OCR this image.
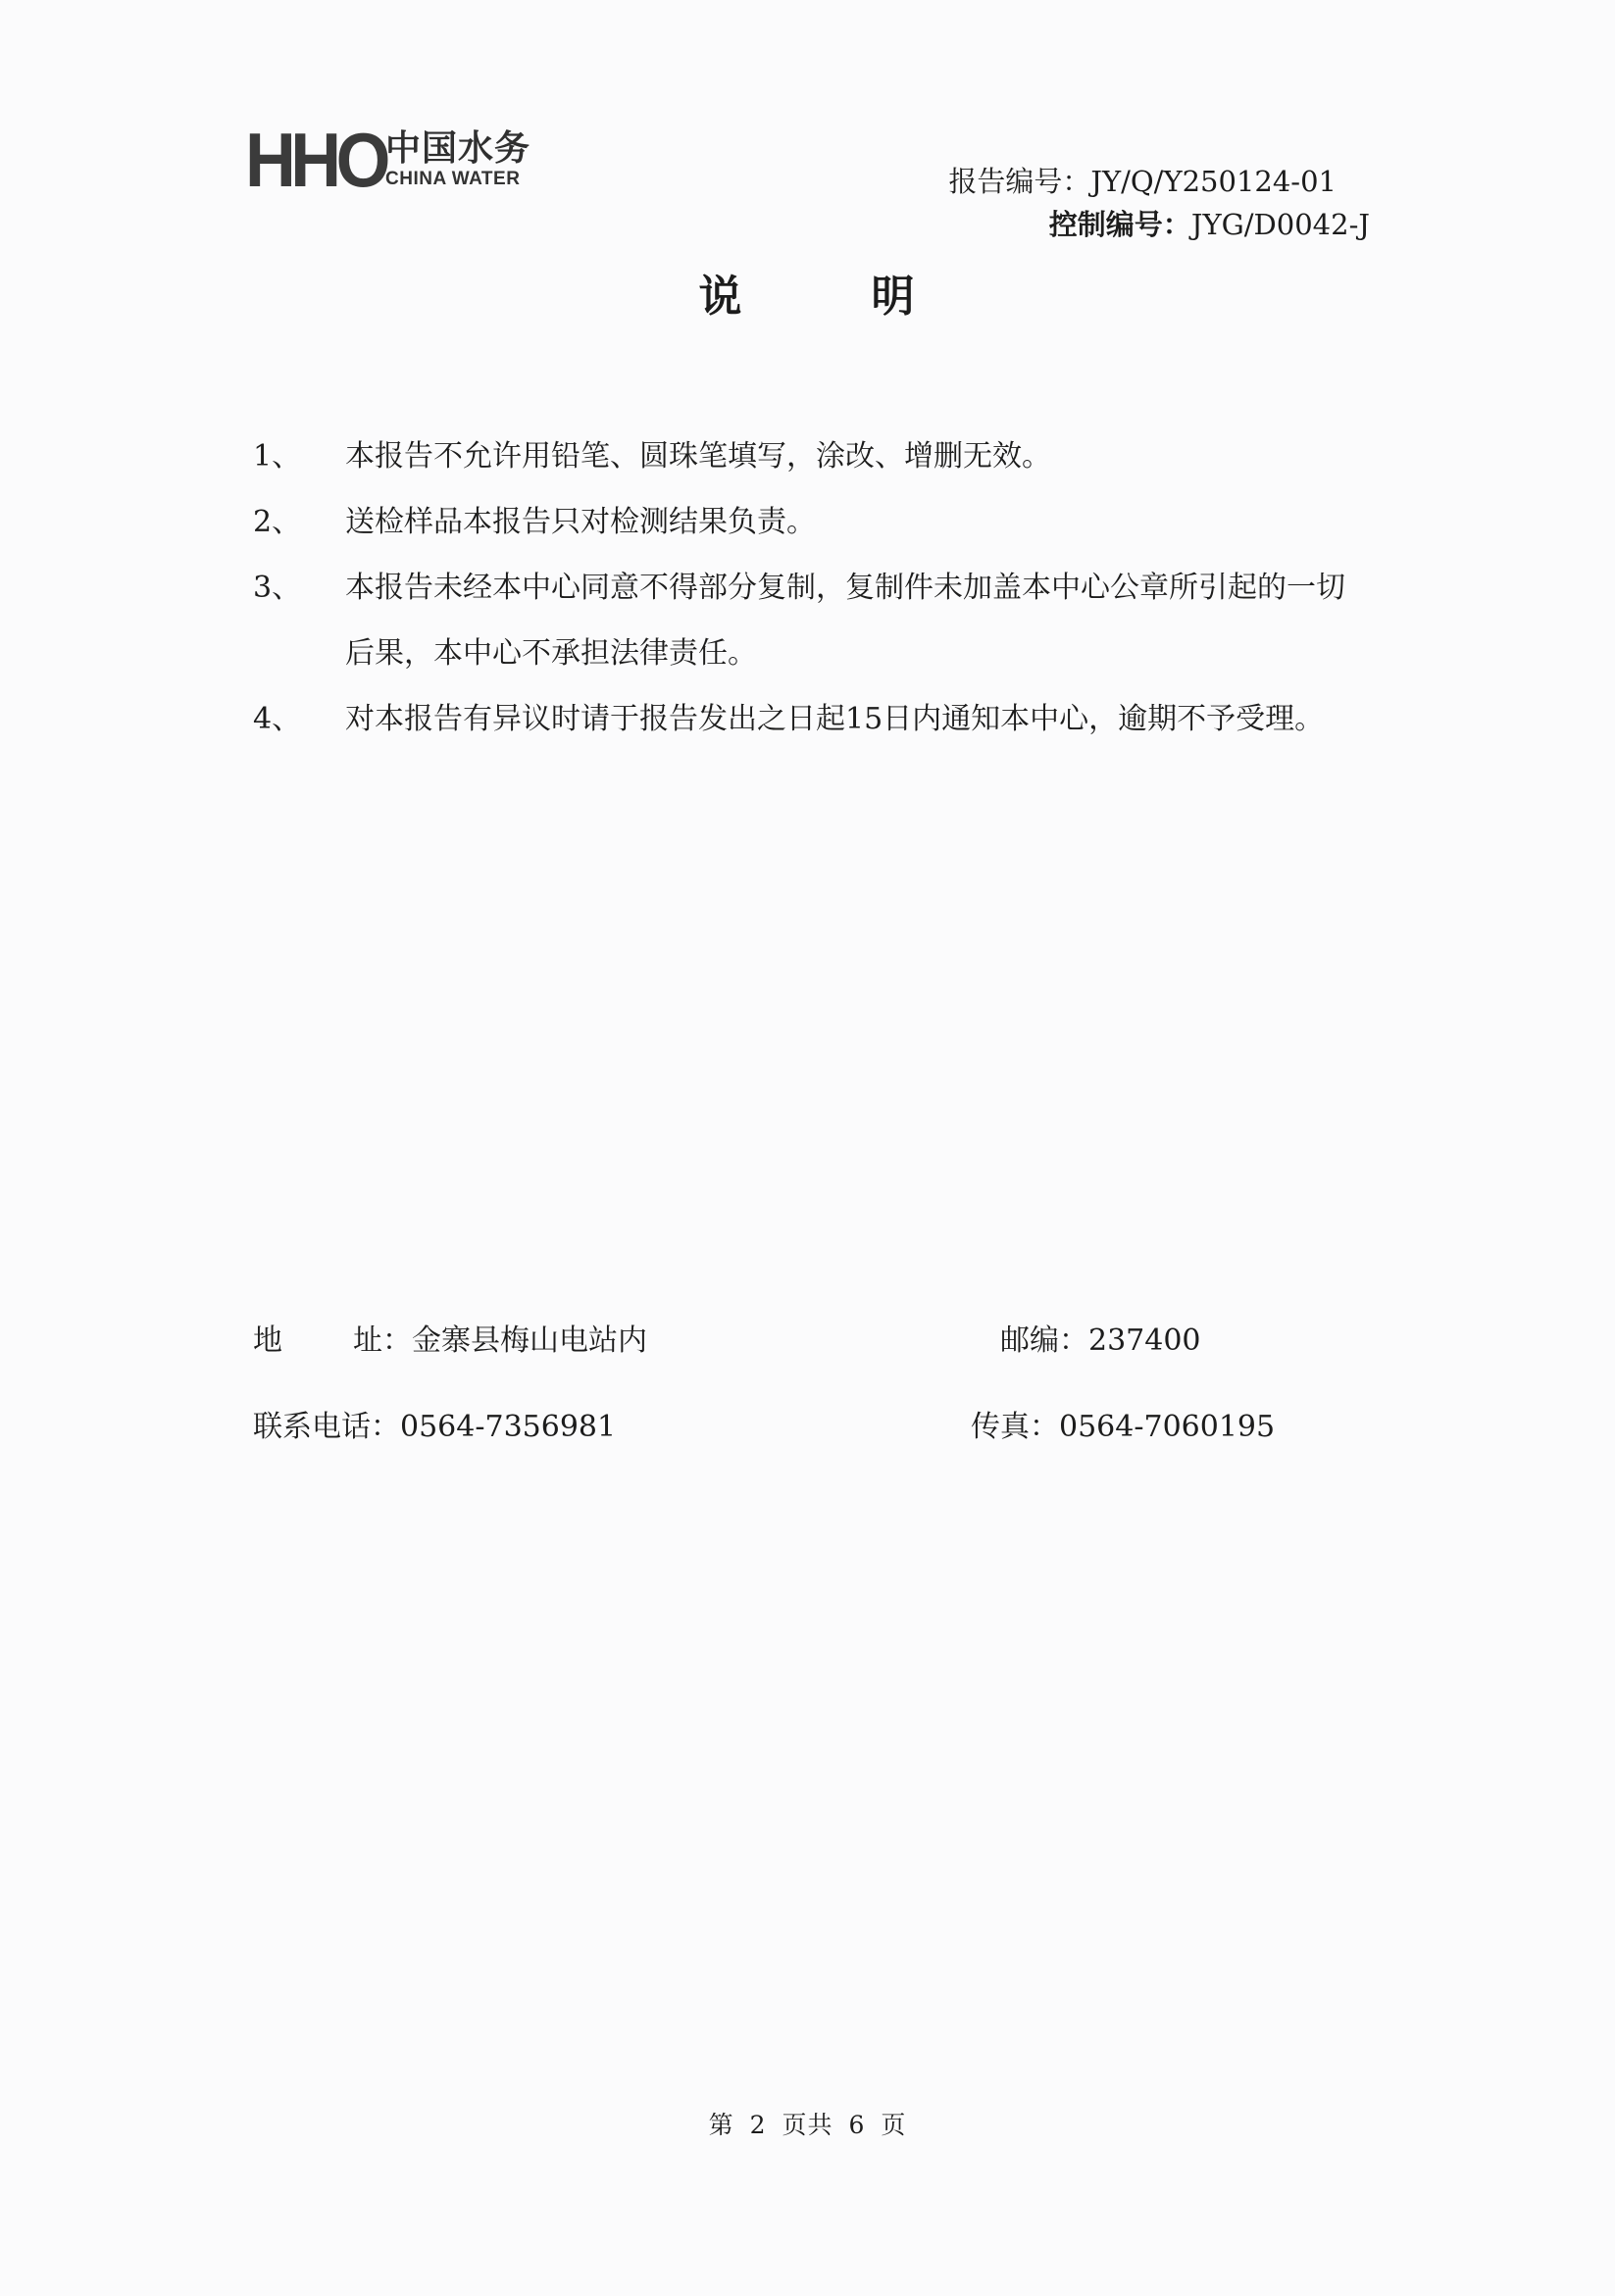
HHO 中国水务
CHINA WATER	报告编号：JY/Q/Y250124-01
控制编号：JYG/D0042-J
说	明
1、	本报告不允许用铅笔、圆珠笔填写，涂改、增删无效。
2、	送检样品本报告只对检测结果负责。
3、	本报告未经本中心同意不得部分复制，复制件未加盖本中心公章所引起的一切后果，本中心不承担法律责任。
4、	对本报告有异议时请于报告发出之日起15日内通知本中心，逾期不予受理。
地 址：金寨县梅山电站内	邮编：237400
联系电话：0564-7356981	传真：0564-7060195
第 2 页共 6 页
